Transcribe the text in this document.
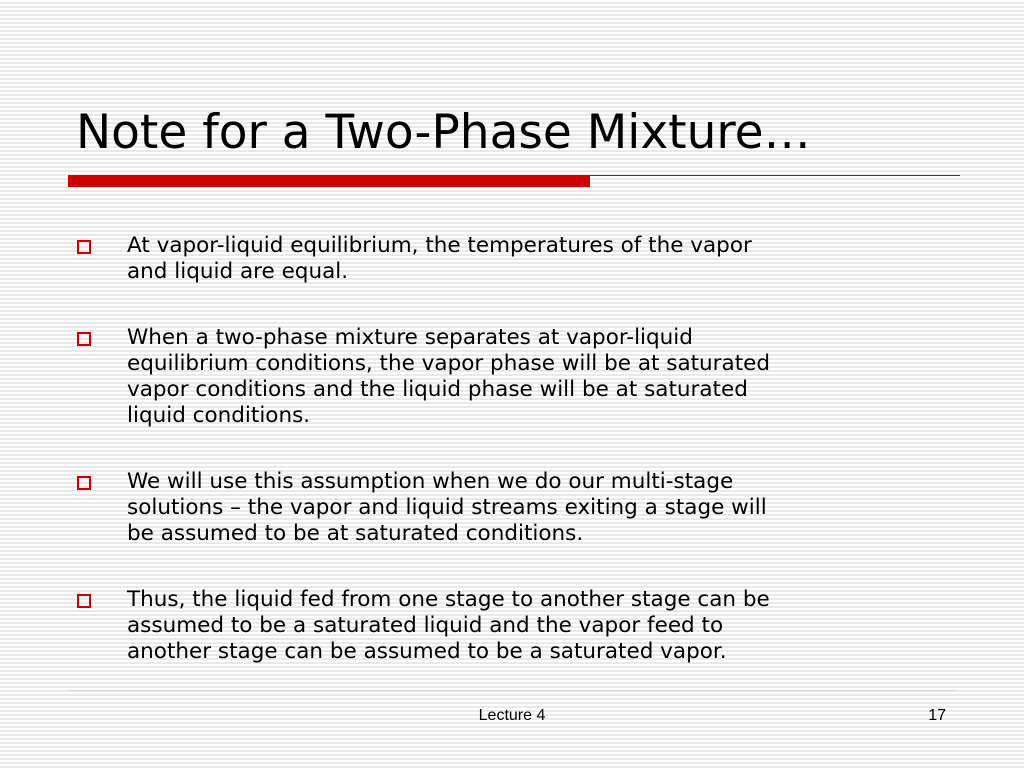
Note for a Two-Phase Mixture…
At vapor-liquid equilibrium, the temperatures of the vapor
and liquid are equal.
When a two-phase mixture separates at vapor-liquid
equilibrium conditions, the vapor phase will be at saturated
vapor conditions and the liquid phase will be at saturated
liquid conditions.
We will use this assumption when we do our multi-stage
solutions – the vapor and liquid streams exiting a stage will
be assumed to be at saturated conditions.
Thus, the liquid fed from one stage to another stage can be
assumed to be a saturated liquid and the vapor feed to
another stage can be assumed to be a saturated vapor.
Lecture 4	17
